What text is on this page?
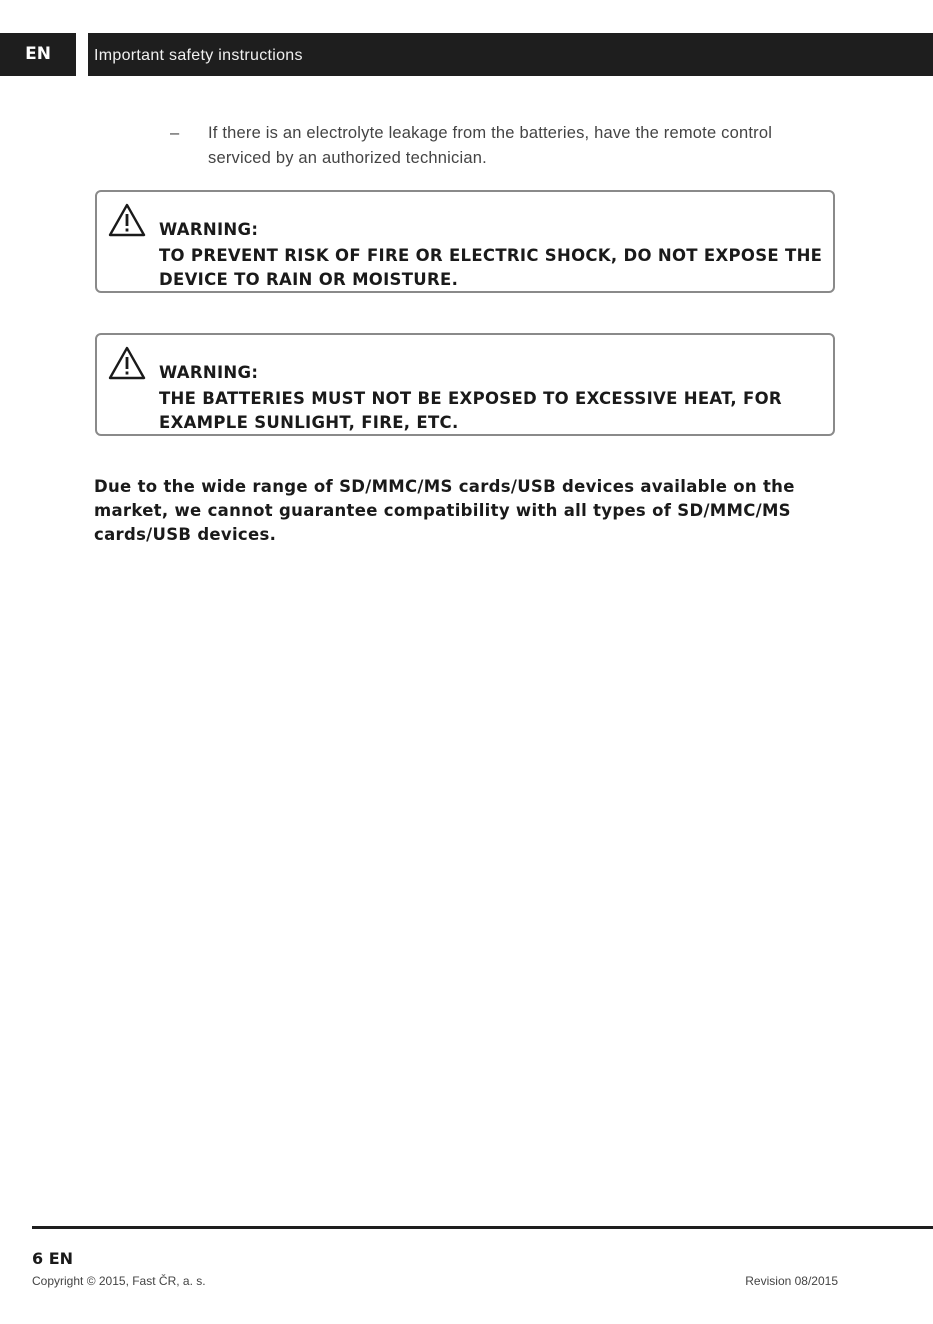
EN	Important safety instructions
– If there is an electrolyte leakage from the batteries, have the remote control serviced by an authorized technician.
WARNING:
TO PREVENT RISK OF FIRE OR ELECTRIC SHOCK, DO NOT EXPOSE THE DEVICE TO RAIN OR MOISTURE.
WARNING:
THE BATTERIES MUST NOT BE EXPOSED TO EXCESSIVE HEAT, FOR EXAMPLE SUNLIGHT, FIRE, ETC.
Due to the wide range of SD/MMC/MS cards/USB devices available on the market, we cannot guarantee compatibility with all types of SD/MMC/MS cards/USB devices.
6 EN
Copyright © 2015, Fast ČR, a. s.	Revision 08/2015
